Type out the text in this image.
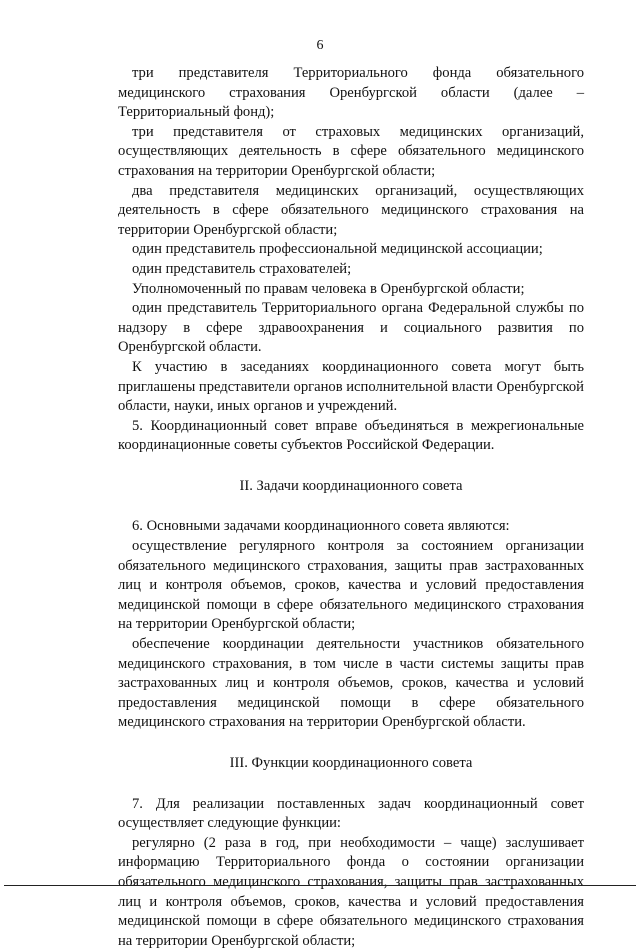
6

три представителя Территориального фонда обязательного медицинского страхования Оренбургской области (далее – Территориальный фонд);

три представителя от страховых медицинских организаций, осуществляющих деятельность в сфере обязательного медицинского страхования на территории Оренбургской области;

два представителя медицинских организаций, осуществляющих деятельность в сфере обязательного медицинского страхования на территории Оренбургской области;

один представитель профессиональной медицинской ассоциации;

один представитель страхователей;

Уполномоченный по правам человека в Оренбургской области;

один представитель Территориального органа Федеральной службы по надзору в сфере здравоохранения и социального развития по Оренбургской области.

К участию в заседаниях координационного совета могут быть приглашены представители органов исполнительной власти Оренбургской области, науки, иных органов и учреждений.

5. Координационный совет вправе объединяться в межрегиональные координационные советы субъектов Российской Федерации.

II. Задачи координационного совета

6. Основными задачами координационного совета являются:

осуществление регулярного контроля за состоянием организации обязательного медицинского страхования, защиты прав застрахованных лиц и контроля объемов, сроков, качества и условий предоставления медицинской помощи в сфере обязательного медицинского страхования на территории Оренбургской области;

обеспечение координации деятельности участников обязательного медицинского страхования, в том числе в части системы защиты прав застрахованных лиц и контроля объемов, сроков, качества и условий предоставления медицинской помощи в сфере обязательного медицинского страхования на территории Оренбургской области.

III. Функции координационного совета

7. Для реализации поставленных задач координационный совет осуществляет следующие функции:

регулярно (2 раза в год, при необходимости – чаще) заслушивает информацию Территориального фонда о состоянии организации обязательного медицинского страхования, защиты прав застрахованных лиц и контроля объемов, сроков, качества и условий предоставления медицинской помощи в сфере обязательного медицинского страхования на территории Оренбургской области;
